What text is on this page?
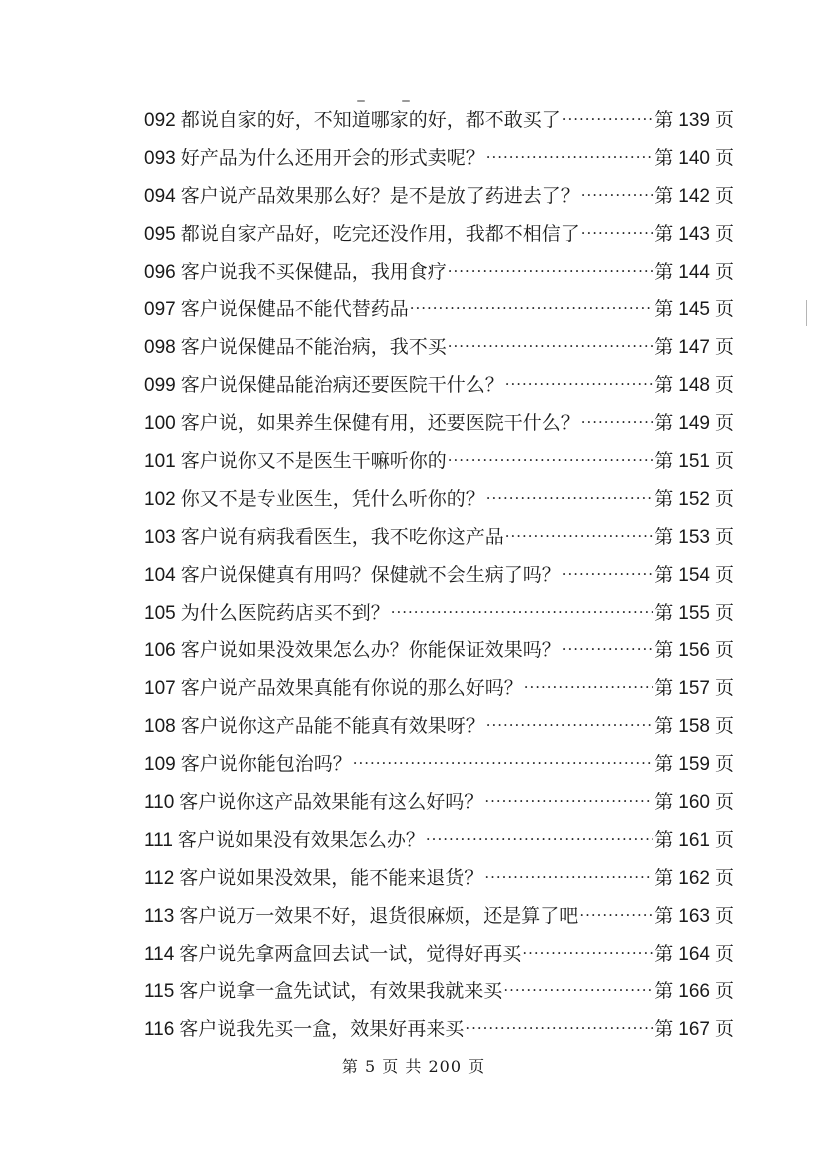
092 都说自家的好，不知道哪家的好，都不敢买了 ·····	第 139 页
093 好产品为什么还用开会的形式卖呢？ ·····	第 140 页
094 客户说产品效果那么好？是不是放了药进去了？ ·····	第 142 页
095 都说自家产品好，吃完还没作用，我都不相信了 ·····	第 143 页
096 客户说我不买保健品，我用食疗 ·····	第 144 页
097 客户说保健品不能代替药品 ·····	第 145 页
098 客户说保健品不能治病，我不买 ·····	第 147 页
099 客户说保健品能治病还要医院干什么？ ·····	第 148 页
100 客户说，如果养生保健有用，还要医院干什么？ ·····	第 149 页
101 客户说你又不是医生干嘛听你的 ·····	第 151 页
102 你又不是专业医生，凭什么听你的？ ·····	第 152 页
103 客户说有病我看医生，我不吃你这产品 ·····	第 153 页
104 客户说保健真有用吗？保健就不会生病了吗？ ·····	第 154 页
105 为什么医院药店买不到？ ·····	第 155 页
106 客户说如果没效果怎么办？你能保证效果吗？ ·····	第 156 页
107 客户说产品效果真能有你说的那么好吗？ ·····	第 157 页
108 客户说你这产品能不能真有效果呀？ ·····	第 158 页
109 客户说你能包治吗？ ·····	第 159 页
110 客户说你这产品效果能有这么好吗？ ·····	第 160 页
111 客户说如果没有效果怎么办？ ·····	第 161 页
112 客户说如果没效果，能不能来退货？ ·····	第 162 页
113 客户说万一效果不好，退货很麻烦，还是算了吧 ·····	第 163 页
114 客户说先拿两盒回去试一试，觉得好再买 ·····	第 164 页
115 客户说拿一盒先试试，有效果我就来买 ·····	第 166 页
116 客户说我先买一盒，效果好再来买 ·····	第 167 页
第 5 页 共 200 页
